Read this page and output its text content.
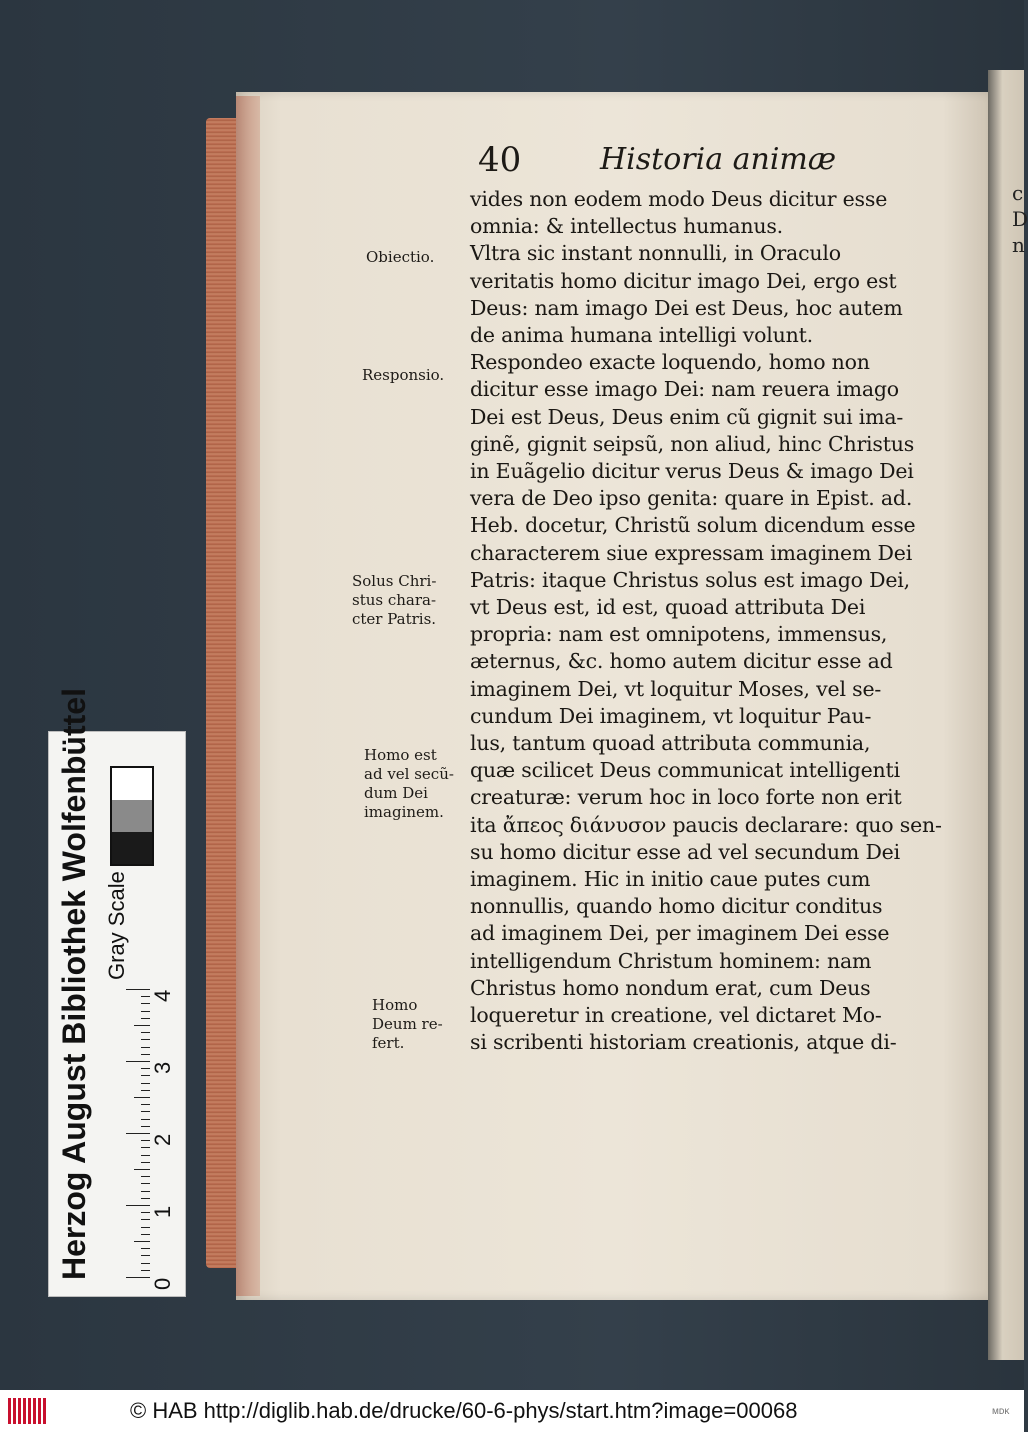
c
D
n
40	Historia animæ
vides non eodem modo Deus dicitur esse
omnia: & intellectus humanus.
Vltra sic instant nonnulli, in Oraculo
veritatis homo dicitur imago Dei, ergo est
Deus: nam imago Dei est Deus, hoc autem
de anima humana intelligi volunt.
Respondeo exacte loquendo, homo non
dicitur esse imago Dei: nam reuera imago
Dei est Deus, Deus enim cũ gignit sui ima-
ginẽ, gignit seipsũ, non aliud, hinc Christus
in Euãgelio dicitur verus Deus & imago Dei
vera de Deo ipso genita: quare in Epist. ad.
Heb. docetur, Christũ solum dicendum esse
characterem siue expressam imaginem Dei
Patris: itaque Christus solus est imago Dei,
vt Deus est, id est, quoad attributa Dei
propria: nam est omnipotens, immensus,
æternus, &c. homo autem dicitur esse ad
imaginem Dei, vt loquitur Moses, vel se-
cundum Dei imaginem, vt loquitur Pau-
lus, tantum quoad attributa communia,
quæ scilicet Deus communicat intelligenti
creaturæ: verum hoc in loco forte non erit
ita ἄπεος διάνυσον paucis declarare: quo sen-
su homo dicitur esse ad vel secundum Dei
imaginem. Hic in initio caue putes cum
nonnullis, quando homo dicitur conditus
ad imaginem Dei, per imaginem Dei esse
intelligendum Christum hominem: nam
Christus homo nondum erat, cum Deus
loqueretur in creatione, vel dictaret Mo-
si scribenti historiam creationis, atque di-
Obiectio.
Responsio.
Solus Chri-
stus chara-
cter Patris.
Homo est
ad vel secũ-
dum Dei
imaginem.
Homo
Deum re-
fert.
Herzog August Bibliothek Wolfenbüttel Gray Scale
© HAB http://diglib.hab.de/drucke/60-6-phys/start.htm?image=00068	ᴍᴅᴋ
0
1
2
3
4
